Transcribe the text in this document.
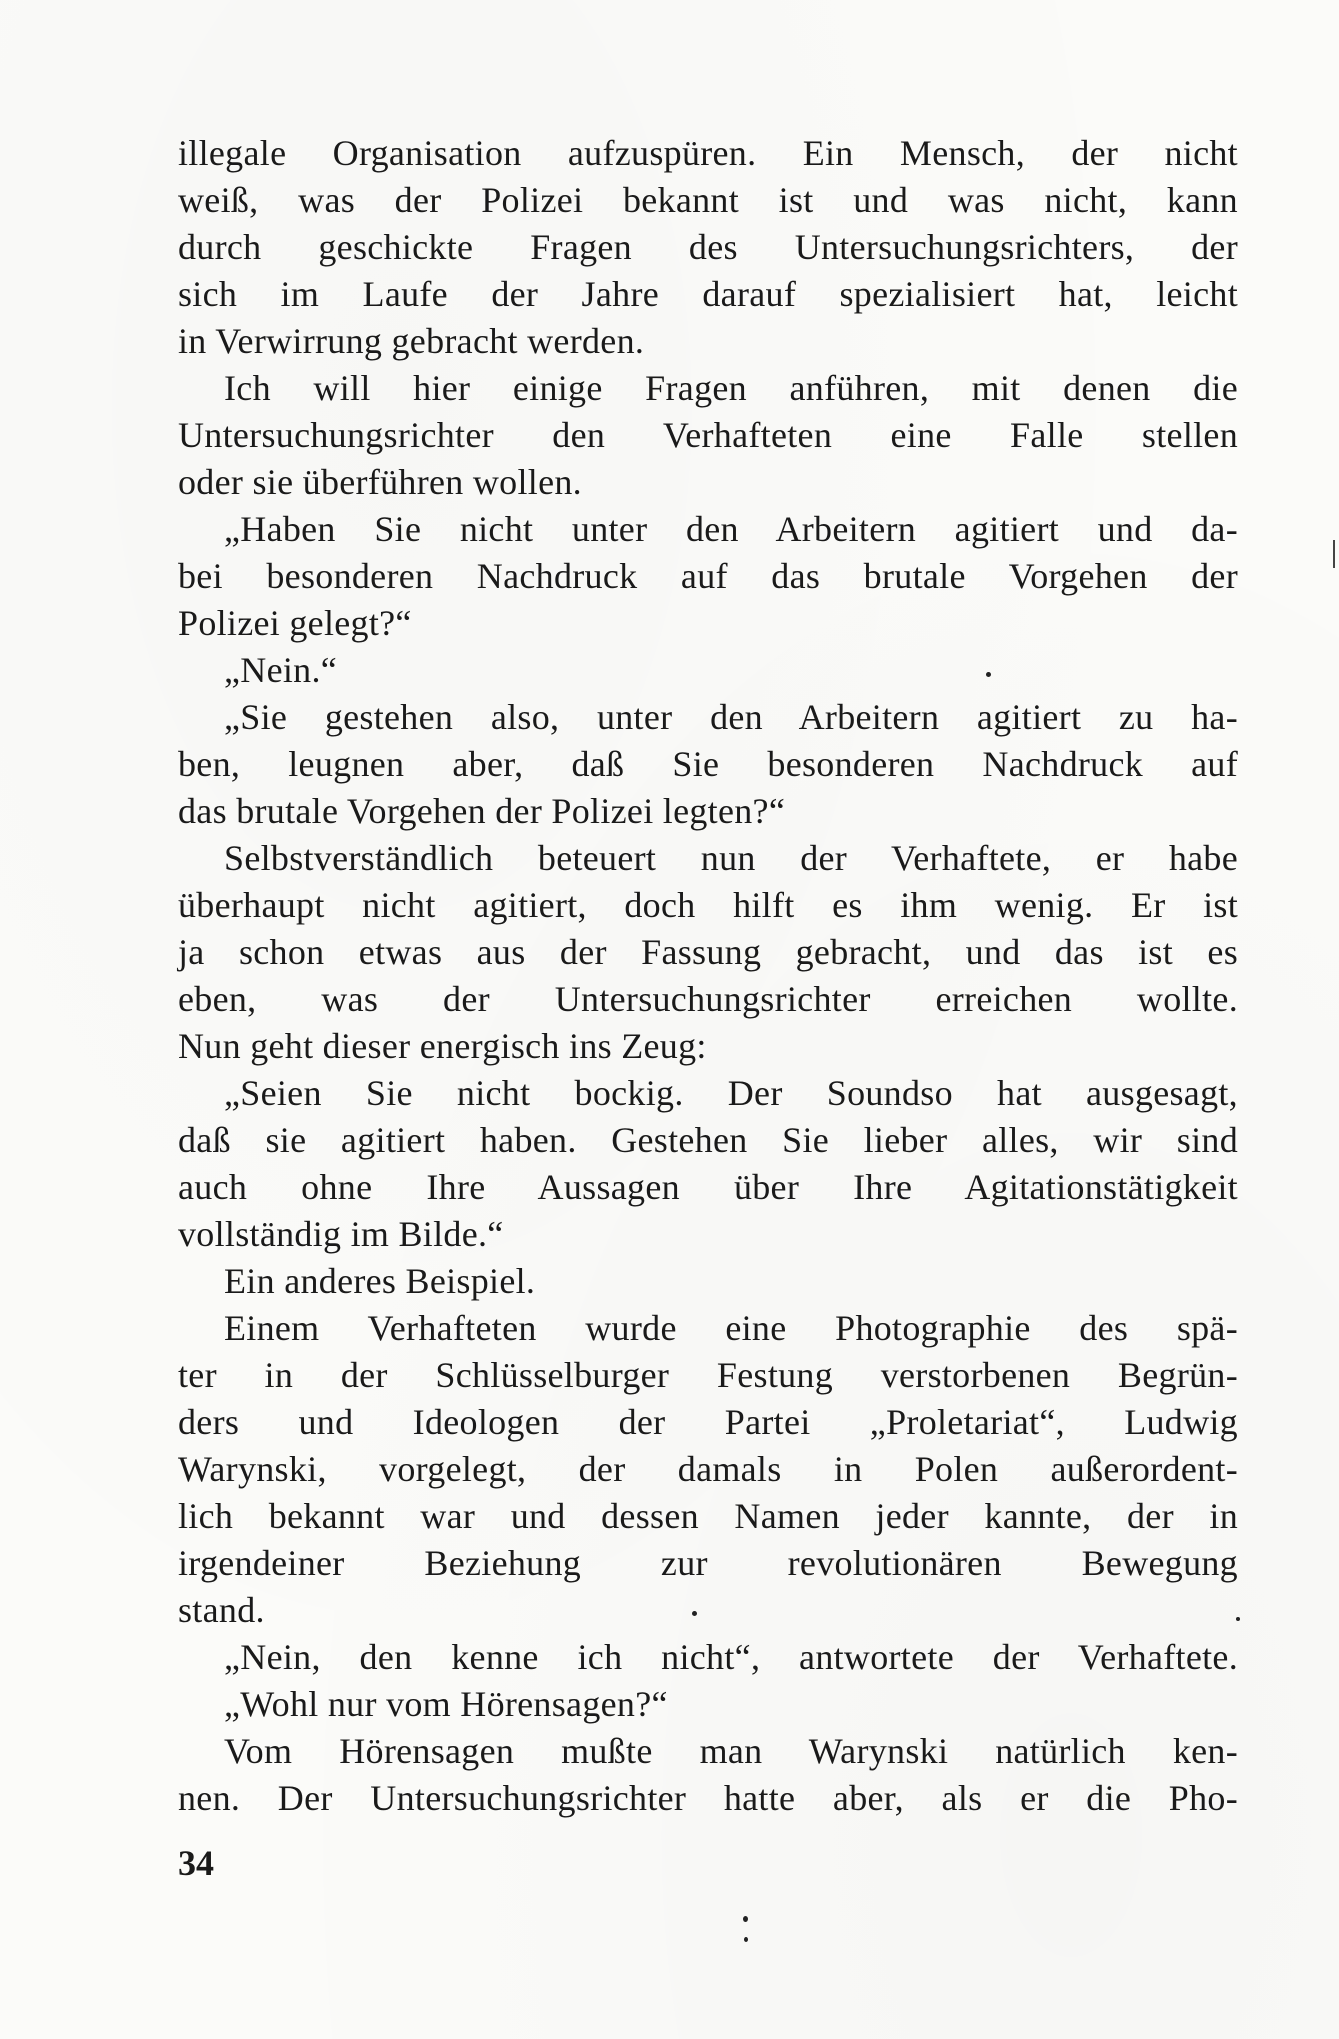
illegale Organisation aufzuspüren. Ein Mensch, der nicht
weiß, was der Polizei bekannt ist und was nicht, kann
durch geschickte Fragen des Untersuchungsrichters, der
sich im Laufe der Jahre darauf spezialisiert hat, leicht
in Verwirrung gebracht werden.
Ich will hier einige Fragen anführen, mit denen die
Untersuchungsrichter den Verhafteten eine Falle stellen
oder sie überführen wollen.
„Haben Sie nicht unter den Arbeitern agitiert und da-
bei besonderen Nachdruck auf das brutale Vorgehen der
Polizei gelegt?“
„Nein.“
„Sie gestehen also, unter den Arbeitern agitiert zu ha-
ben, leugnen aber, daß Sie besonderen Nachdruck auf
das brutale Vorgehen der Polizei legten?“
Selbstverständlich beteuert nun der Verhaftete, er habe
überhaupt nicht agitiert, doch hilft es ihm wenig. Er ist
ja schon etwas aus der Fassung gebracht, und das ist es
eben, was der Untersuchungsrichter erreichen wollte.
Nun geht dieser energisch ins Zeug:
„Seien Sie nicht bockig. Der Soundso hat ausgesagt,
daß sie agitiert haben. Gestehen Sie lieber alles, wir sind
auch ohne Ihre Aussagen über Ihre Agitationstätigkeit
vollständig im Bilde.“
Ein anderes Beispiel.
Einem Verhafteten wurde eine Photographie des spä-
ter in der Schlüsselburger Festung verstorbenen Begrün-
ders und Ideologen der Partei „Proletariat“, Ludwig
Warynski, vorgelegt, der damals in Polen außerordent-
lich bekannt war und dessen Namen jeder kannte, der in
irgendeiner Beziehung zur revolutionären Bewegung
stand.
„Nein, den kenne ich nicht“, antwortete der Verhaftete.
„Wohl nur vom Hörensagen?“
Vom Hörensagen mußte man Warynski natürlich ken-
nen. Der Untersuchungsrichter hatte aber, als er die Pho-
34
